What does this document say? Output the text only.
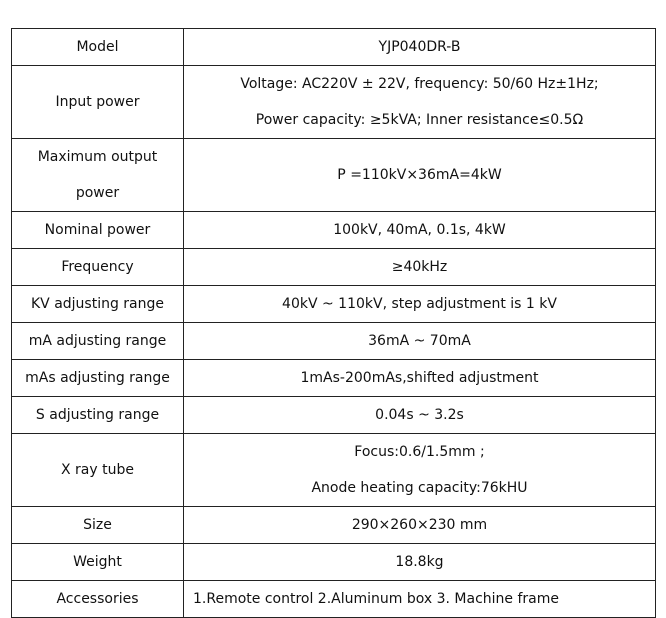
Model	YJP040DR-B

Input power	Voltage: AC220V ± 22V, frequency: 50/60 Hz±1Hz;
Power capacity: ≥5kVA; Inner resistance≤0.5Ω

Maximum output
power	P =110kV×36mA=4kW

Nominal power	100kV, 40mA, 0.1s, 4kW

Frequency	≥40kHz

KV adjusting range	40kV ~ 110kV, step adjustment is 1 kV

mA adjusting range	36mA ~ 70mA

mAs adjusting range	1mAs-200mAs,shifted adjustment

S adjusting range	0.04s ~ 3.2s

X ray tube	Focus:0.6/1.5mm ;
Anode heating capacity:76kHU

Size	290×260×230 mm

Weight	18.8kg

Accessories	1.Remote control 2.Aluminum box 3. Machine frame
